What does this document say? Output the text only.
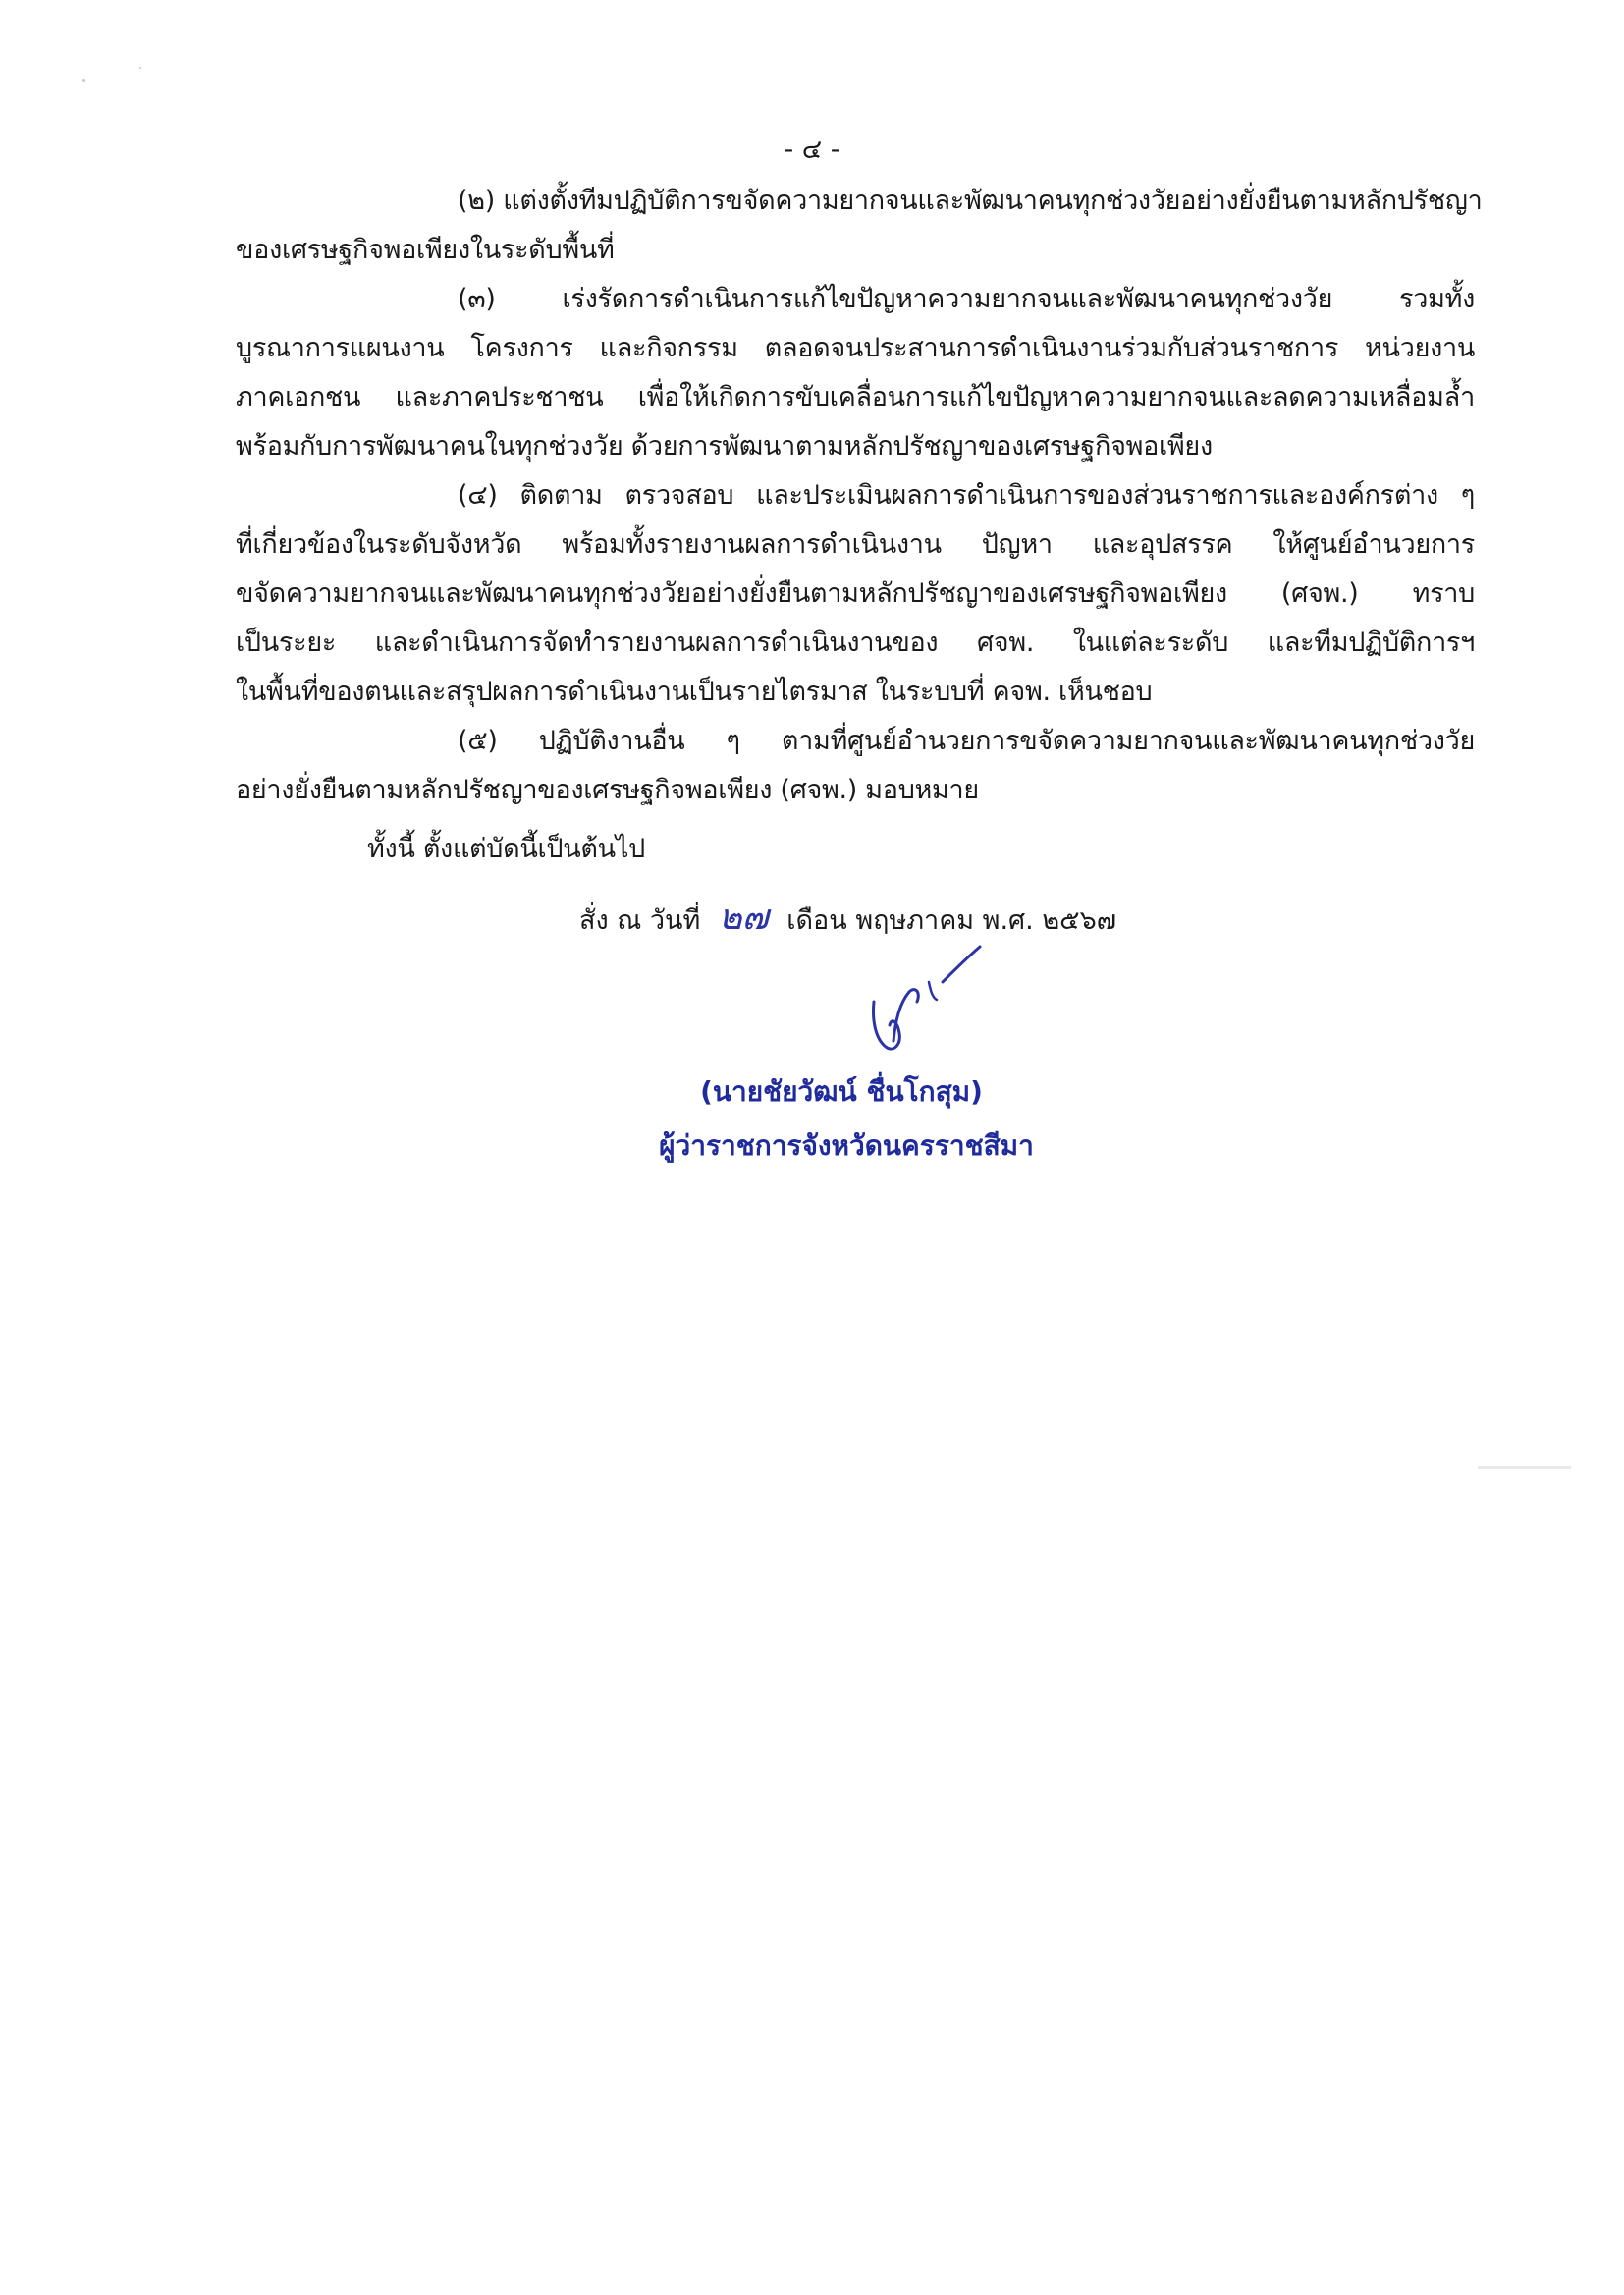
- ๔ -
(๒) แต่งตั้งทีมปฏิบัติการขจัดความยากจนและพัฒนาคนทุกช่วงวัยอย่างยั่งยืนตามหลักปรัชญา
ของเศรษฐกิจพอเพียงในระดับพื้นที่
(๓) เร่งรัดการดำเนินการแก้ไขปัญหาความยากจนและพัฒนาคนทุกช่วงวัย รวมทั้ง
บูรณาการแผนงาน โครงการ และกิจกรรม ตลอดจนประสานการดำเนินงานร่วมกับส่วนราชการ หน่วยงาน
ภาคเอกชน และภาคประชาชน เพื่อให้เกิดการขับเคลื่อนการแก้ไขปัญหาความยากจนและลดความเหลื่อมล้ำ
พร้อมกับการพัฒนาคนในทุกช่วงวัย ด้วยการพัฒนาตามหลักปรัชญาของเศรษฐกิจพอเพียง
(๔) ติดตาม ตรวจสอบ และประเมินผลการดำเนินการของส่วนราชการและองค์กรต่าง ๆ
ที่เกี่ยวข้องในระดับจังหวัด พร้อมทั้งรายงานผลการดำเนินงาน ปัญหา และอุปสรรค ให้ศูนย์อำนวยการ
ขจัดความยากจนและพัฒนาคนทุกช่วงวัยอย่างยั่งยืนตามหลักปรัชญาของเศรษฐกิจพอเพียง (ศจพ.) ทราบ
เป็นระยะ และดำเนินการจัดทำรายงานผลการดำเนินงานของ ศจพ. ในแต่ละระดับ และทีมปฏิบัติการฯ
ในพื้นที่ของตนและสรุปผลการดำเนินงานเป็นรายไตรมาส ในระบบที่ คจพ. เห็นชอบ
(๕) ปฏิบัติงานอื่น ๆ ตามที่ศูนย์อำนวยการขจัดความยากจนและพัฒนาคนทุกช่วงวัย
อย่างยั่งยืนตามหลักปรัชญาของเศรษฐกิจพอเพียง (ศจพ.) มอบหมาย
ทั้งนี้ ตั้งแต่บัดนี้เป็นต้นไป
สั่ง ณ วันที่ ๒๗ เดือน พฤษภาคม พ.ศ. ๒๕๖๗
(นายชัยวัฒน์ ชื่นโกสุม)
ผู้ว่าราชการจังหวัดนครราชสีมา
